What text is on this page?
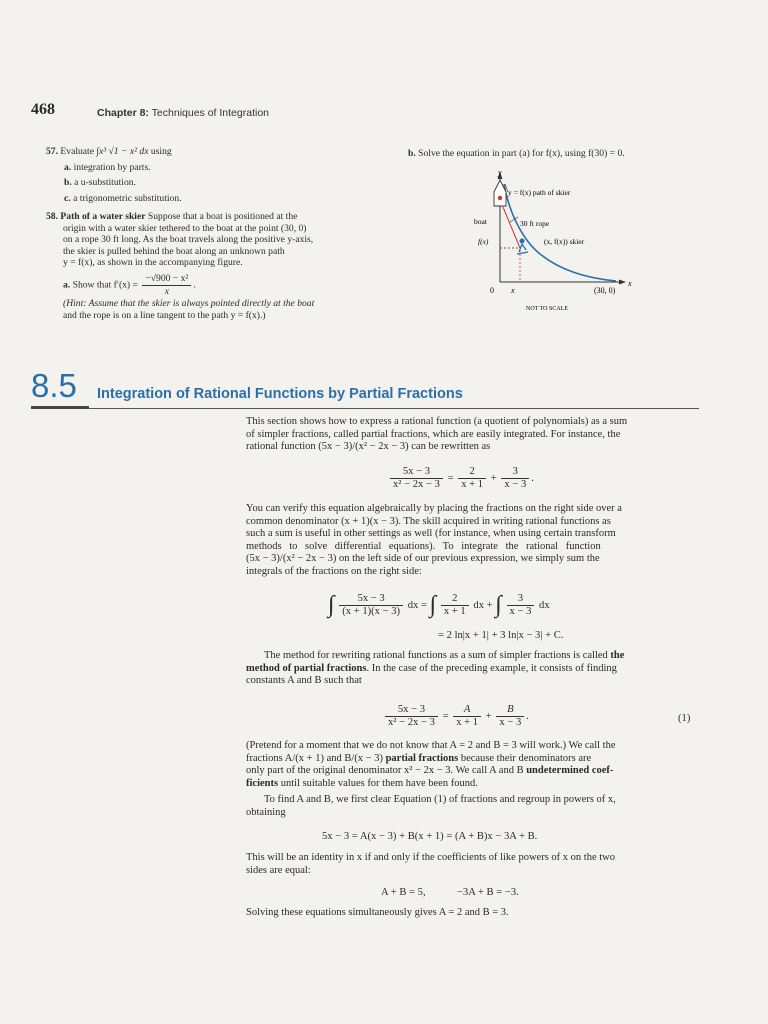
468	Chapter 8: Techniques of Integration
57. Evaluate ∫x³ √1 − x² dx using
a. integration by parts.
b. a u-substitution.
c. a trigonometric substitution.
58. Path of a water skier Suppose that a boat is positioned at the
origin with a water skier tethered to the boat at the point (30, 0)
on a rope 30 ft long. As the boat travels along the positive y-axis,
the skier is pulled behind the boat along an unknown path
y = f(x), as shown in the accompanying figure.
a. Show that $f'(x) = \frac{\text{−√900 − x²}}{x}$ .
(Hint: Assume that the skier is always pointed directly at the boat
and the rope is on a line tangent to the path y = f(x).)
b. Solve the equation in part (a) for f(x), using f(30) = 0.
y
y = f(x) path of skier
boat	30 ft rope
f(x)	(x, f(x)) skier
0 x	(30, 0)
x
NOT TO SCALE
8.5 Integration of Rational Functions by Partial Fractions
This section shows how to express a rational function (a quotient of polynomials) as a sum
of simpler fractions, called partial fractions, which are easily integrated. For instance, the
rational function (5x − 3)/(x² − 2x − 3) can be rewritten as
$\frac{5x - 3}{\text{x² − 2x − 3}} = \frac{2}{x + 1} + \frac{3}{x - 3}$ .
You can verify this equation algebraically by placing the fractions on the right side over a
common denominator (x + 1)(x − 3). The skill acquired in writing rational functions as
such a sum is useful in other settings as well (for instance, when using certain transform
methods to solve differential equations). To integrate the rational function
(5x − 3)/(x² − 2x − 3) on the left side of our previous expression, we simply sum the
integrals of the fractions on the right side:
∫ $\frac{5x - 3}{(x + 1)(x - 3)}$ dx = ∫ $\frac{2}{x + 1}$ dx + ∫ $\frac{3}{x - 3}$ dx
= 2 ln|x + 1| + 3 ln|x − 3| + C.
The method for rewriting rational functions as a sum of simpler fractions is called the
method of partial fractions. In the case of the preceding example, it consists of finding
constants A and B such that
$\frac{5x - 3}{\text{x² − 2x − 3}} = \frac{A}{x + 1} + \frac{B}{x - 3}$ .	(1)
(Pretend for a moment that we do not know that A = 2 and B = 3 will work.) We call the
fractions A/(x + 1) and B/(x − 3) partial fractions because their denominators are
only part of the original denominator x² − 2x − 3. We call A and B undetermined coef-
ficients until suitable values for them have been found.
To find A and B, we first clear Equation (1) of fractions and regroup in powers of x,
obtaining
5x − 3 = A(x − 3) + B(x + 1) = (A + B)x − 3A + B.
This will be an identity in x if and only if the coefficients of like powers of x on the two
sides are equal:
A + B = 5,	−3A + B = −3.
Solving these equations simultaneously gives A = 2 and B = 3.
